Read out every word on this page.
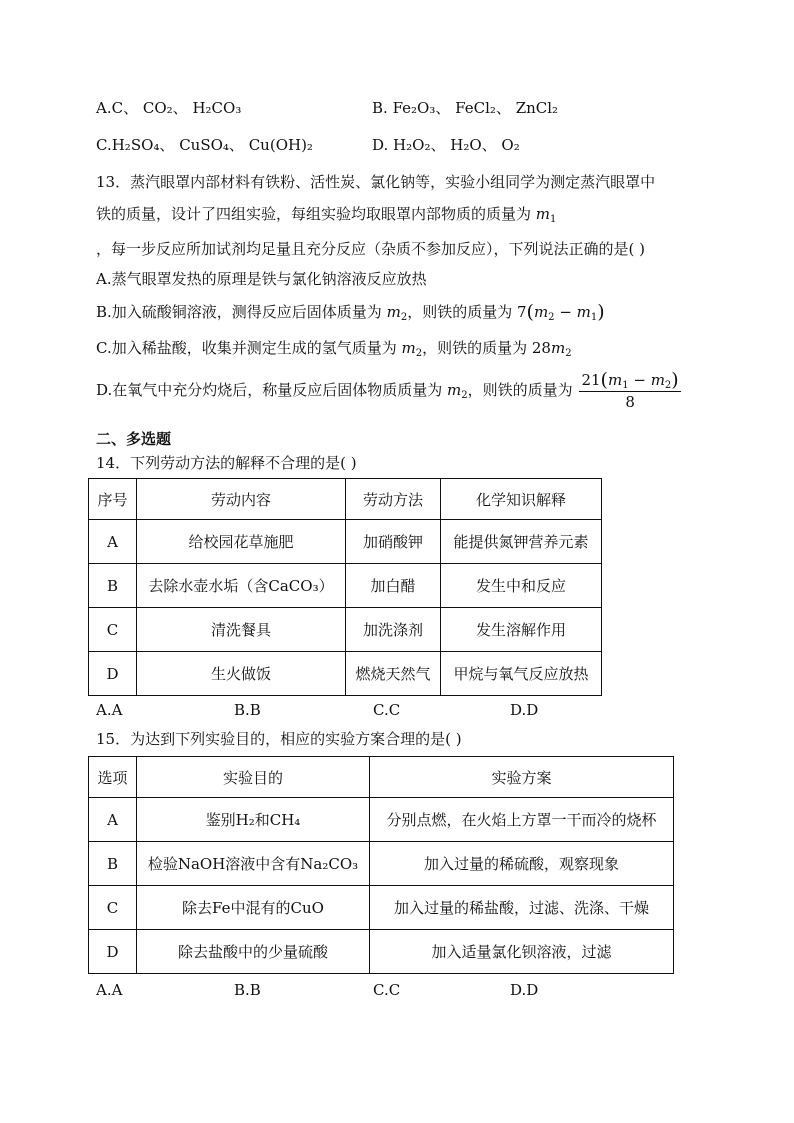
A.C、 CO₂、 H₂CO₃	B. Fe₂O₃、 FeCl₂、 ZnCl₂
C.H₂SO₄、 CuSO₄、 Cu(OH)₂	D. H₂O₂、 H₂O、 O₂
13．蒸汽眼罩内部材料有铁粉、活性炭、氯化钠等，实验小组同学为测定蒸汽眼罩中
铁的质量，设计了四组实验，每组实验均取眼罩内部物质的质量为 $m_1$
，每一步反应所加试剂均足量且充分反应（杂质不参加反应），下列说法正确的是( )
A.蒸气眼罩发热的原理是铁与氯化钠溶液反应放热
B.加入硫酸铜溶液，测得反应后固体质量为 $m_2$，则铁的质量为 $7(m_2 - m_1)$
C.加入稀盐酸，收集并测定生成的氢气质量为 $m_2$，则铁的质量为 $28m_2$
D.在氧气中充分灼烧后，称量反应后固体物质质量为 $m_2$，则铁的质量为 $\frac{21(m_1 - m_2)}{8}$
二、多选题
14．下列劳动方法的解释不合理的是( )
序号	劳动内容	劳动方法	化学知识解释
A	给校园花草施肥	加硝酸钾	能提供氮钾营养元素
B	去除水壶水垢（含CaCO₃）	加白醋	发生中和反应
C	清洗餐具	加洗涤剂	发生溶解作用
D	生火做饭	燃烧天然气	甲烷与氧气反应放热
A.A	B.B	C.C	D.D
15．为达到下列实验目的，相应的实验方案合理的是( )
选项	实验目的	实验方案
A	鉴别H₂和CH₄	分别点燃，在火焰上方罩一干而冷的烧杯
B	检验NaOH溶液中含有Na₂CO₃	加入过量的稀硫酸，观察现象
C	除去Fe中混有的CuO	加入过量的稀盐酸，过滤、洗涤、干燥
D	除去盐酸中的少量硫酸	加入适量氯化钡溶液，过滤
A.A	B.B	C.C	D.D
